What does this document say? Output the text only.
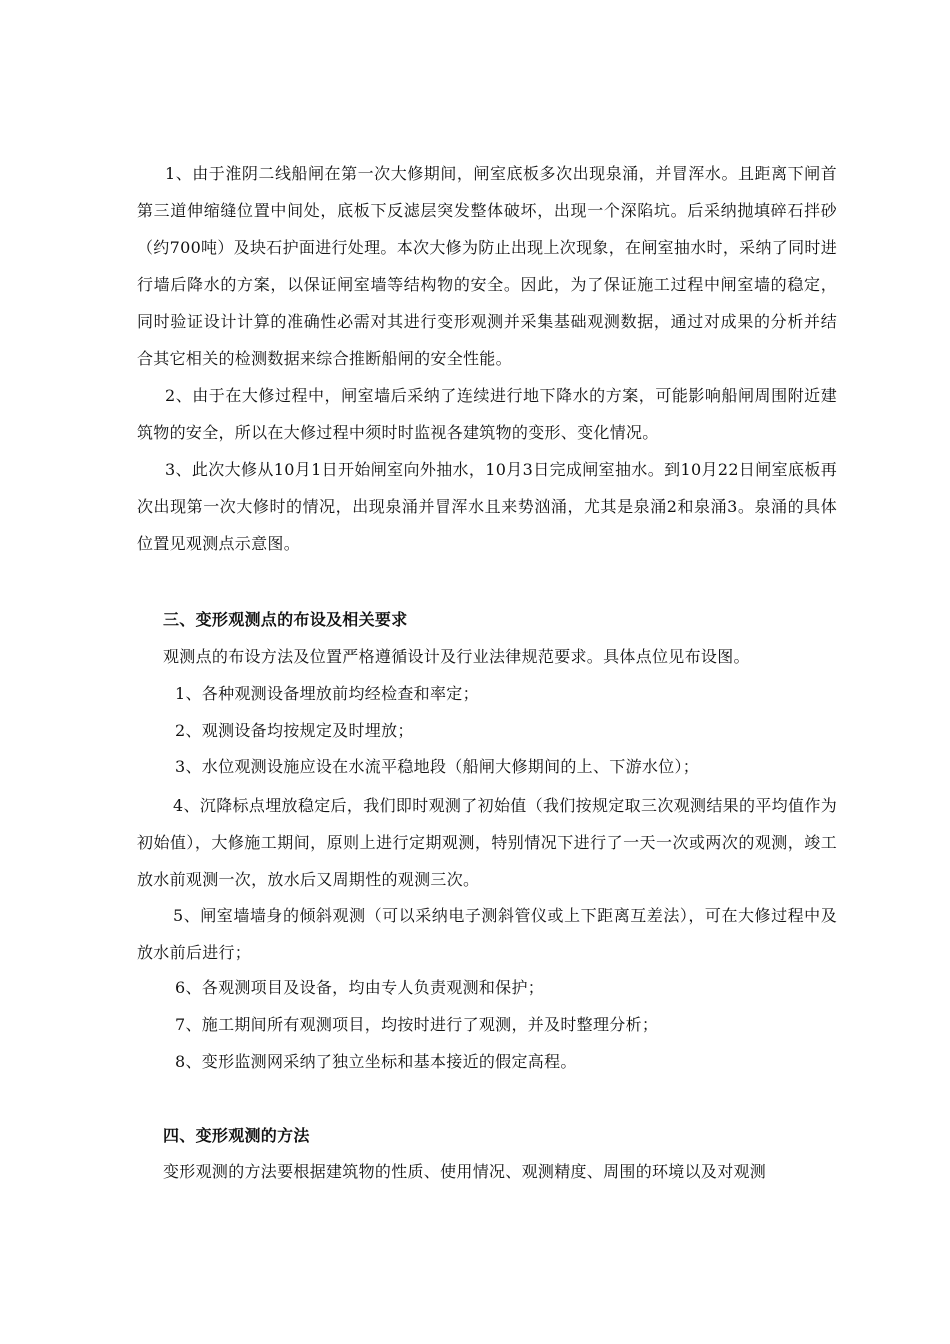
1、由于淮阴二线船闸在第一次大修期间，闸室底板多次出现泉涌，并冒浑水。且距离下闸首第三道伸缩缝位置中间处，底板下反滤层突发整体破坏，出现一个深陷坑。后采纳抛填碎石拌砂（约700吨）及块石护面进行处理。本次大修为防止出现上次现象，在闸室抽水时，采纳了同时进行墙后降水的方案，以保证闸室墙等结构物的安全。因此，为了保证施工过程中闸室墙的稳定，同时验证设计计算的准确性必需对其进行变形观测并采集基础观测数据，通过对成果的分析并结合其它相关的检测数据来综合推断船闸的安全性能。

2、由于在大修过程中，闸室墙后采纳了连续进行地下降水的方案，可能影响船闸周围附近建筑物的安全，所以在大修过程中须时时监视各建筑物的变形、变化情况。

3、此次大修从10月1日开始闸室向外抽水，10月3日完成闸室抽水。到10月22日闸室底板再次出现第一次大修时的情况，出现泉涌并冒浑水且来势汹涌，尤其是泉涌2和泉涌3。泉涌的具体位置见观测点示意图。

三、变形观测点的布设及相关要求
观测点的布设方法及位置严格遵循设计及行业法律规范要求。具体点位见布设图。
1、各种观测设备埋放前均经检查和率定；
2、观测设备均按规定及时埋放；
3、水位观测设施应设在水流平稳地段（船闸大修期间的上、下游水位）；

4、沉降标点埋放稳定后，我们即时观测了初始值（我们按规定取三次观测结果的平均值作为初始值），大修施工期间，原则上进行定期观测，特别情况下进行了一天一次或两次的观测，竣工放水前观测一次，放水后又周期性的观测三次。

5、闸室墙墙身的倾斜观测（可以采纳电子测斜管仪或上下距离互差法），可在大修过程中及放水前后进行；

6、各观测项目及设备，均由专人负责观测和保护；
7、施工期间所有观测项目，均按时进行了观测，并及时整理分析；
8、变形监测网采纳了独立坐标和基本接近的假定高程。
四、变形观测的方法
变形观测的方法要根据建筑物的性质、使用情况、观测精度、周围的环境以及对观测
